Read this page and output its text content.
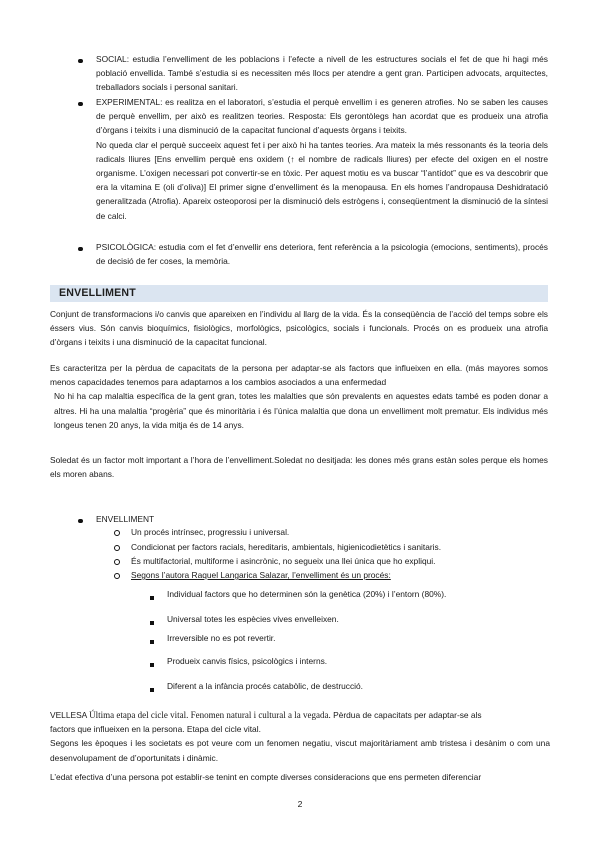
SOCIAL: estudia l’envelliment de les poblacions i l’efecte a nivell de les estructures socials el fet de que hi hagi més població envellida. També s’estudia si es necessiten més llocs per atendre a gent gran. Participen advocats, arquitectes, treballadors socials i personal sanitari.

EXPERIMENTAL: es realitza en el laboratori, s’estudia el perquè envellim i es generen atrofies. No se saben les causes de perquè envellim, per això es realitzen teories. Resposta: Els gerontòlegs han acordat que es produeix una atrofia d’òrgans i teixits i una disminució de la capacitat funcional d’aquests òrgans i teixits.

No queda clar el perquè succeeix aquest fet i per això hi ha tantes teories. Ara mateix la més ressonants és la teoria dels radicals lliures [Ens envellim perquè ens oxidem (↑ el nombre de radicals lliures) per efecte del oxigen en el nostre organisme. L’oxigen necessari pot convertir-se en tòxic. Per aquest motiu es va buscar “l’antídot” que es va descobrir que era la vitamina E (oli d’oliva)] El primer signe d’envelliment és la menopausa. En els homes l’andropausa Deshidratació generalitzada (Atrofia). Apareix osteoporosi per la disminució dels estrògens i, conseqüentment la disminució de la síntesi de calci.

PSICOLÒGICA: estudia com el fet d’envellir ens deteriora, fent referència a la psicologia (emocions, sentiments), procés de decisió de fer coses, la memòria.

ENVELLIMENT

Conjunt de transformacions i/o canvis que apareixen en l’individu al llarg de la vida. És la conseqüència de l’acció del temps sobre els éssers vius. Són canvis bioquímics, fisiològics, morfològics, psicològics, socials i funcionals. Procés on es produeix una atrofia d’òrgans i teixits i una disminució de la capacitat funcional.

Es caracteritza per la pèrdua de capacitats de la persona per adaptar-se als factors que influeixen en ella. (más mayores somos menos capacidades tenemos para adaptarnos a los cambios asociados a una enfermedad

No hi ha cap malaltia específica de la gent gran, totes les malalties que són prevalents en aquestes edats també es poden donar a altres. Hi ha una malaltia “progèria” que és minoritària i és l’única malaltia que dona un envelliment molt prematur. Els individus més longeus tenen 20 anys, la vida mitja és de 14 anys.

Soledat és un factor molt important a l’hora de l’envelliment.Soledat no desitjada: les dones més grans estàn soles perque els homes els moren abans.

ENVELLIMENT

Un procés intrínsec, progressiu i universal.

Condicionat per factors racials, hereditaris, ambientals, higienicodietètics i sanitaris.

És multifactorial, multiforme i asincrònic, no segueix una llei única que ho expliqui.

Segons l’autora Raquel Langarica Salazar, l’envelliment és un procés:

Individual factors que ho determinen són la genètica (20%) i l’entorn (80%).

Universal totes les espècies vives envelleixen.

Irreversible no es pot revertir.

Produeix canvis físics, psicològics i interns.

Diferent a la infància procés catabòlic, de destrucció.

VELLESA Última etapa del cicle vital. Fenomen natural i cultural a la vegada. Pèrdua de capacitats per adaptar-se als

factors que influeixen en la persona. Etapa del cicle vital.

Segons les èpoques i les societats es pot veure com un fenomen negatiu, viscut majoritàriament amb tristesa i desànim o com una desenvolupament de d’oportunitats i dinàmic.

L’edat efectiva d’una persona pot establir-se tenint en compte diverses consideracions que ens permeten diferenciar

2
